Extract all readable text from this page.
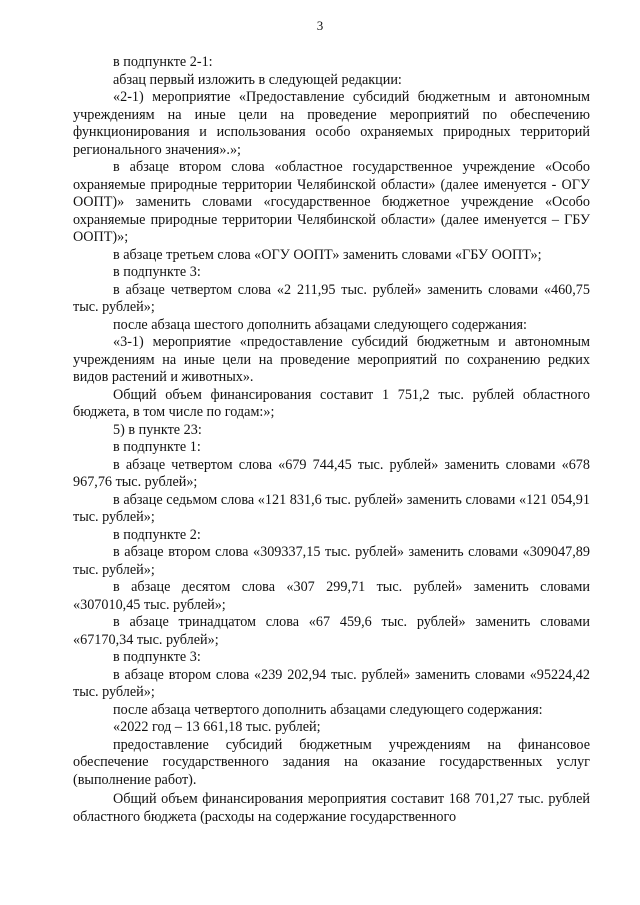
3

в подпункте 2-1:

абзац первый изложить в следующей редакции:

«2-1) мероприятие «Предоставление субсидий бюджетным и автономным учреждениям на иные цели на проведение мероприятий по обеспечению функционирования и использования особо охраняемых природных территорий регионального значения».»;

в абзаце втором слова «областное государственное учреждение «Особо охраняемые природные территории Челябинской области» (далее именуется - ОГУ ООПТ)» заменить словами «государственное бюджетное учреждение «Особо охраняемые природные территории Челябинской области» (далее именуется – ГБУ ООПТ)»;

в абзаце третьем слова «ОГУ ООПТ» заменить словами «ГБУ ООПТ»;

в подпункте 3:

в абзаце четвертом слова «2 211,95 тыс. рублей» заменить словами «460,75 тыс. рублей»;

после абзаца шестого дополнить абзацами следующего содержания:

«3-1) мероприятие «предоставление субсидий бюджетным и автономным учреждениям на иные цели на проведение мероприятий по сохранению редких видов растений и животных».

Общий объем финансирования составит 1 751,2 тыс. рублей областного бюджета, в том числе по годам:»;

5) в пункте 23:

в подпункте 1:

в абзаце четвертом слова «679 744,45 тыс. рублей» заменить словами «678 967,76 тыс. рублей»;

в абзаце седьмом слова «121 831,6 тыс. рублей» заменить словами «121 054,91 тыс. рублей»;

в подпункте 2:

в абзаце втором слова «309337,15 тыс. рублей» заменить словами «309047,89 тыс. рублей»;

в абзаце десятом слова «307 299,71 тыс. рублей» заменить словами «307010,45 тыс. рублей»;

в абзаце тринадцатом слова «67 459,6 тыс. рублей» заменить словами «67170,34 тыс. рублей»;

в подпункте 3:

в абзаце втором слова «239 202,94 тыс. рублей» заменить словами «95224,42 тыс. рублей»;

после абзаца четвертого дополнить абзацами следующего содержания:

«2022 год – 13 661,18 тыс. рублей;

предоставление субсидий бюджетным учреждениям на финансовое обеспечение государственного задания на оказание государственных услуг (выполнение работ).

Общий объем финансирования мероприятия составит 168 701,27 тыс. рублей областного бюджета (расходы на содержание государственного
